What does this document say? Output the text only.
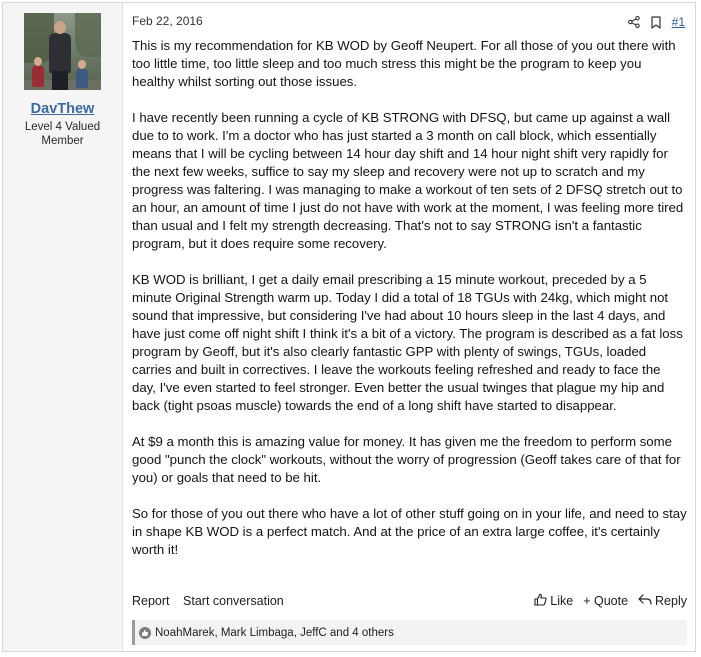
DavThew
Level 4 Valued
Member
Feb 22, 2016	#1

This is my recommendation for KB WOD by Geoff Neupert. For all those of you out there with too little time, too little sleep and too much stress this might be the program to keep you healthy whilst sorting out those issues.

I have recently been running a cycle of KB STRONG with DFSQ, but came up against a wall due to to work. I'm a doctor who has just started a 3 month on call block, which essentially means that I will be cycling between 14 hour day shift and 14 hour night shift very rapidly for the next few weeks, suffice to say my sleep and recovery were not up to scratch and my progress was faltering. I was managing to make a workout of ten sets of 2 DFSQ stretch out to an hour, an amount of time I just do not have with work at the moment, I was feeling more tired than usual and I felt my strength decreasing. That's not to say STRONG isn't a fantastic program, but it does require some recovery.

KB WOD is brilliant, I get a daily email prescribing a 15 minute workout, preceded by a 5 minute Original Strength warm up. Today I did a total of 18 TGUs with 24kg, which might not sound that impressive, but considering I've had about 10 hours sleep in the last 4 days, and have just come off night shift I think it's a bit of a victory. The program is described as a fat loss program by Geoff, but it's also clearly fantastic GPP with plenty of swings, TGUs, loaded carries and built in correctives. I leave the workouts feeling refreshed and ready to face the day, I've even started to feel stronger. Even better the usual twinges that plague my hip and back (tight psoas muscle) towards the end of a long shift have started to disappear.

At $9 a month this is amazing value for money. It has given me the freedom to perform some good "punch the clock" workouts, without the worry of progression (Geoff takes care of that for you) or goals that need to be hit.

So for those of you out there who have a lot of other stuff going on in your life, and need to stay in shape KB WOD is a perfect match. And at the price of an extra large coffee, it's certainly worth it!

Report Start conversation	Like + Quote Reply
NoahMarek, Mark Limbaga, JeffC and 4 others
